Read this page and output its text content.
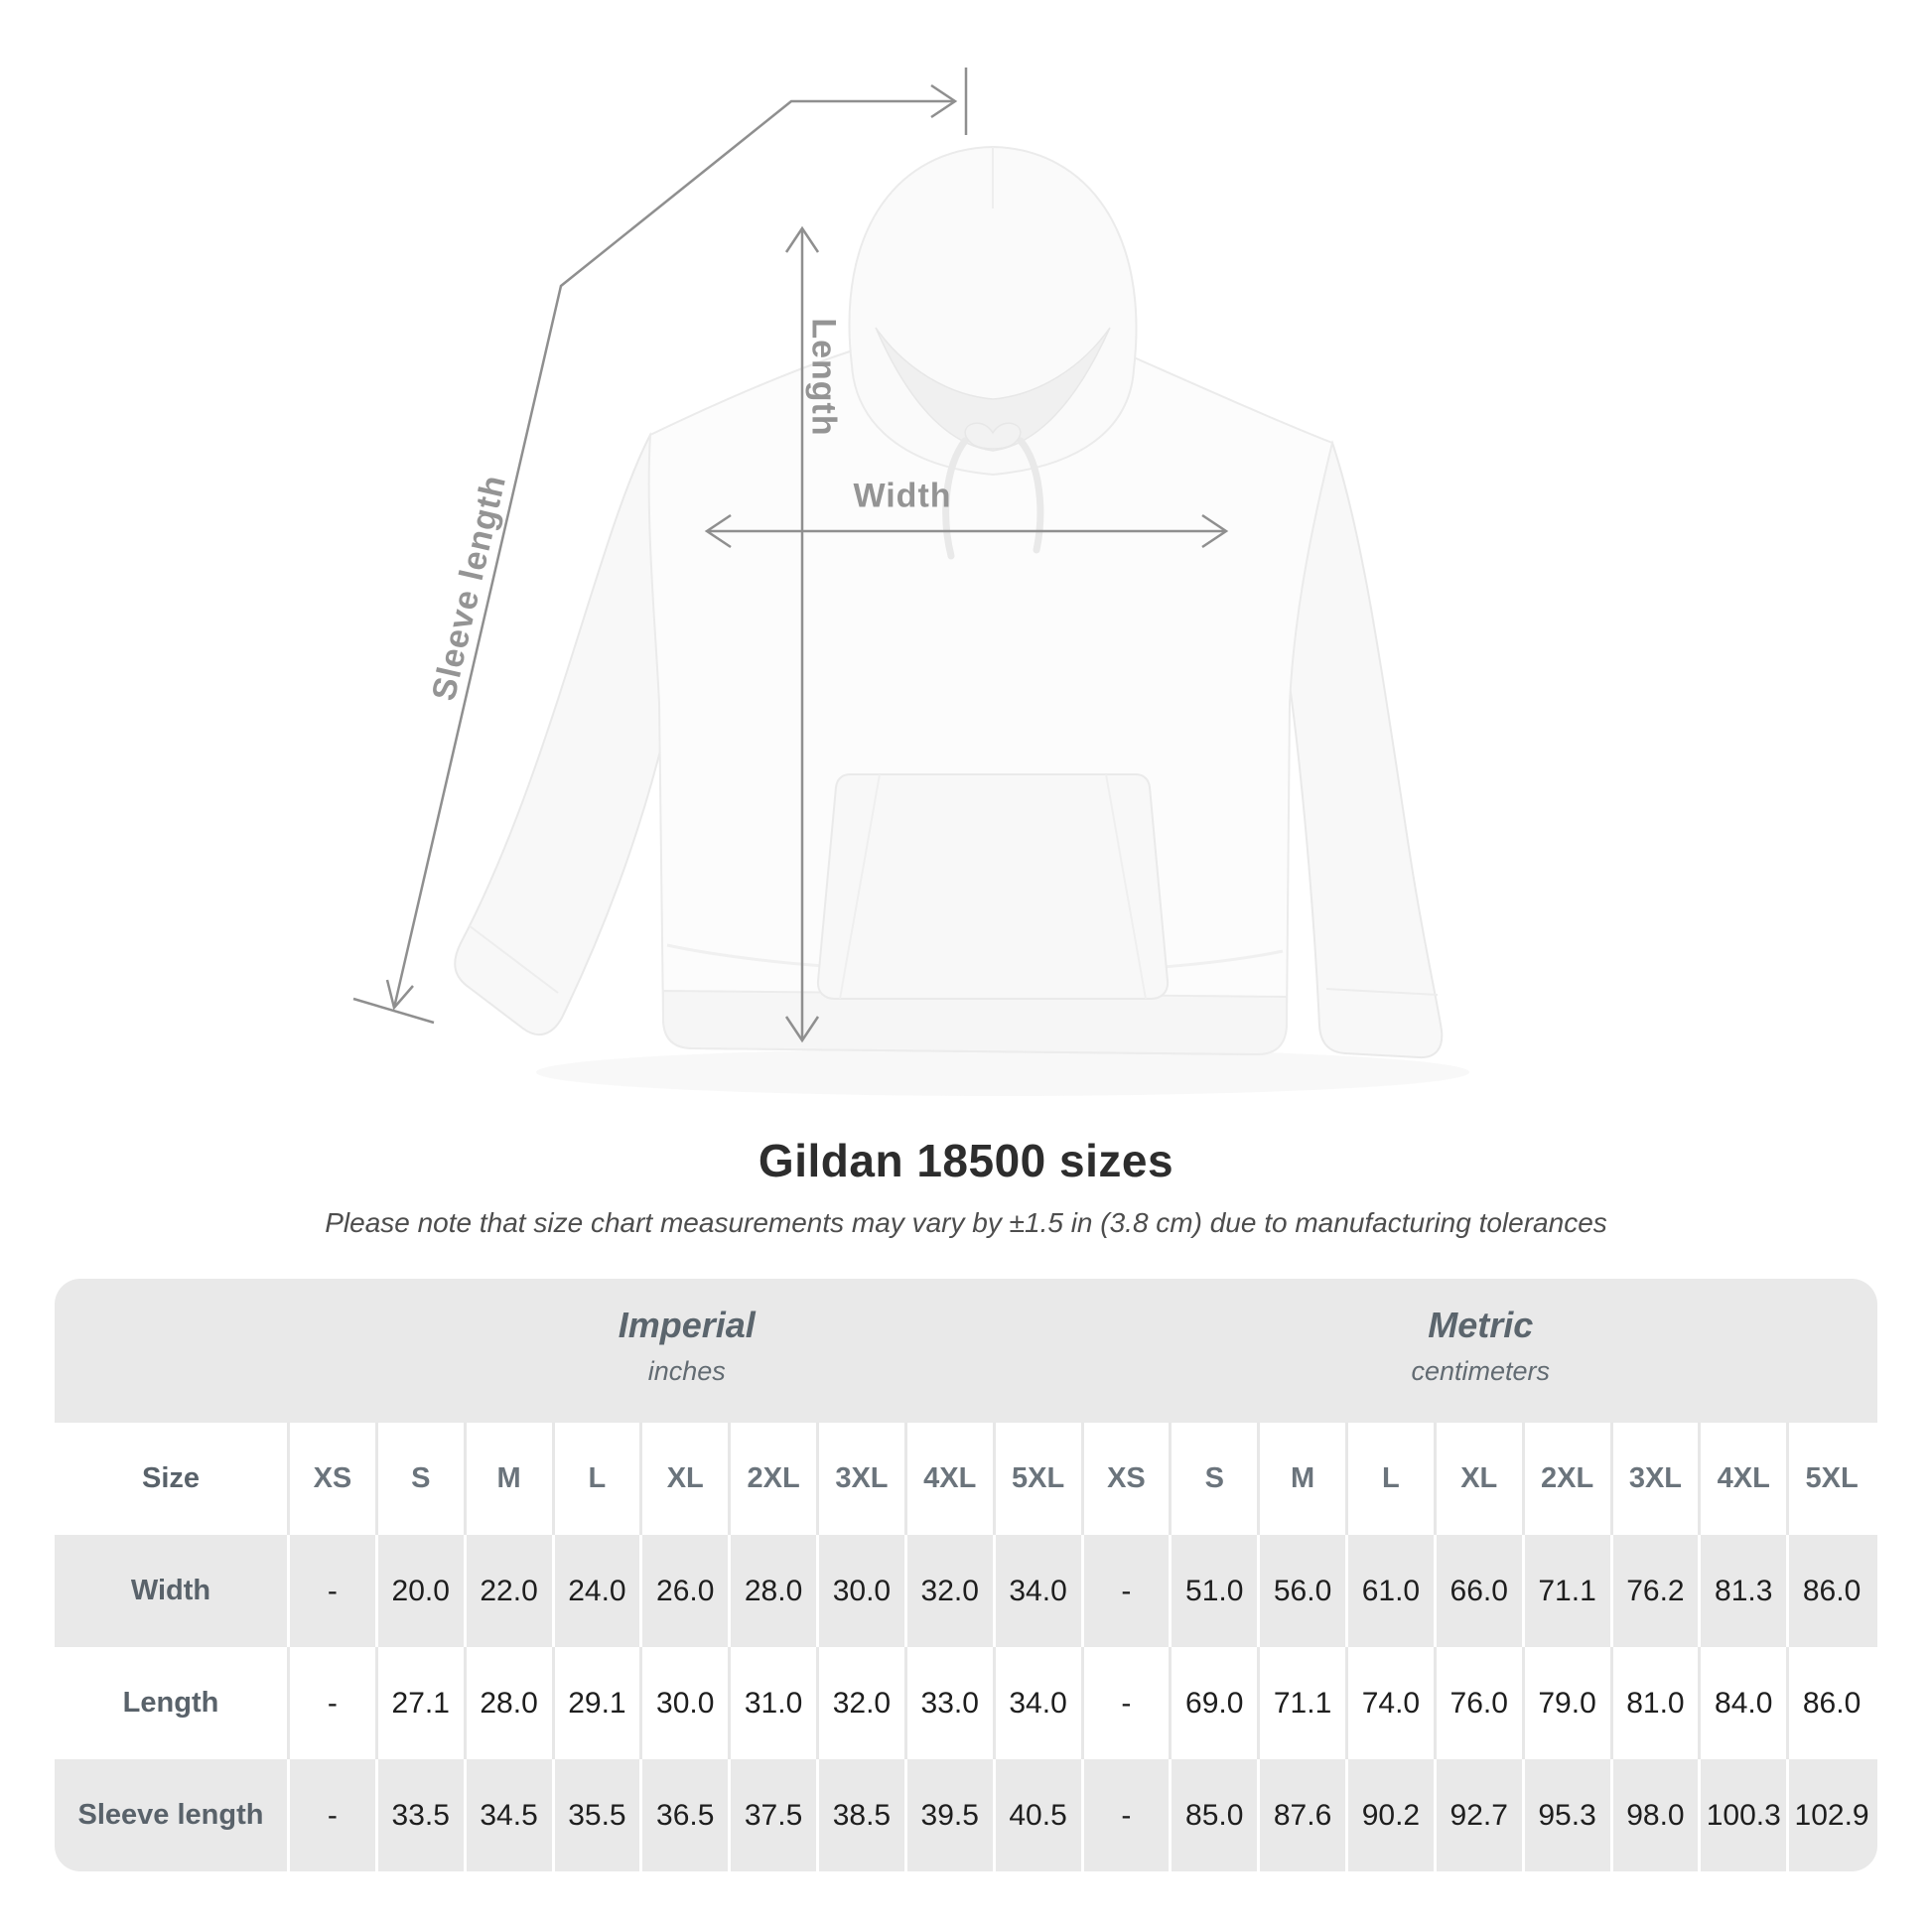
Length
Width
Sleeve length
Gildan 18500 sizes

Please note that size chart measurements may vary by ±1.5 in (3.8 cm) due to manufacturing tolerances

Imperial
inches
Metric
centimeters
Size	XS	S	M	L	XL	2XL	3XL	4XL	5XL	XS	S	M	L	XL	2XL	3XL	4XL	5XL
Width	-	20.0	22.0	24.0	26.0	28.0	30.0	32.0	34.0	-	51.0	56.0	61.0	66.0	71.1	76.2	81.3	86.0
Length	-	27.1	28.0	29.1	30.0	31.0	32.0	33.0	34.0	-	69.0	71.1	74.0	76.0	79.0	81.0	84.0	86.0
Sleeve length	-	33.5	34.5	35.5	36.5	37.5	38.5	39.5	40.5	-	85.0	87.6	90.2	92.7	95.3	98.0 100.3 102.9
